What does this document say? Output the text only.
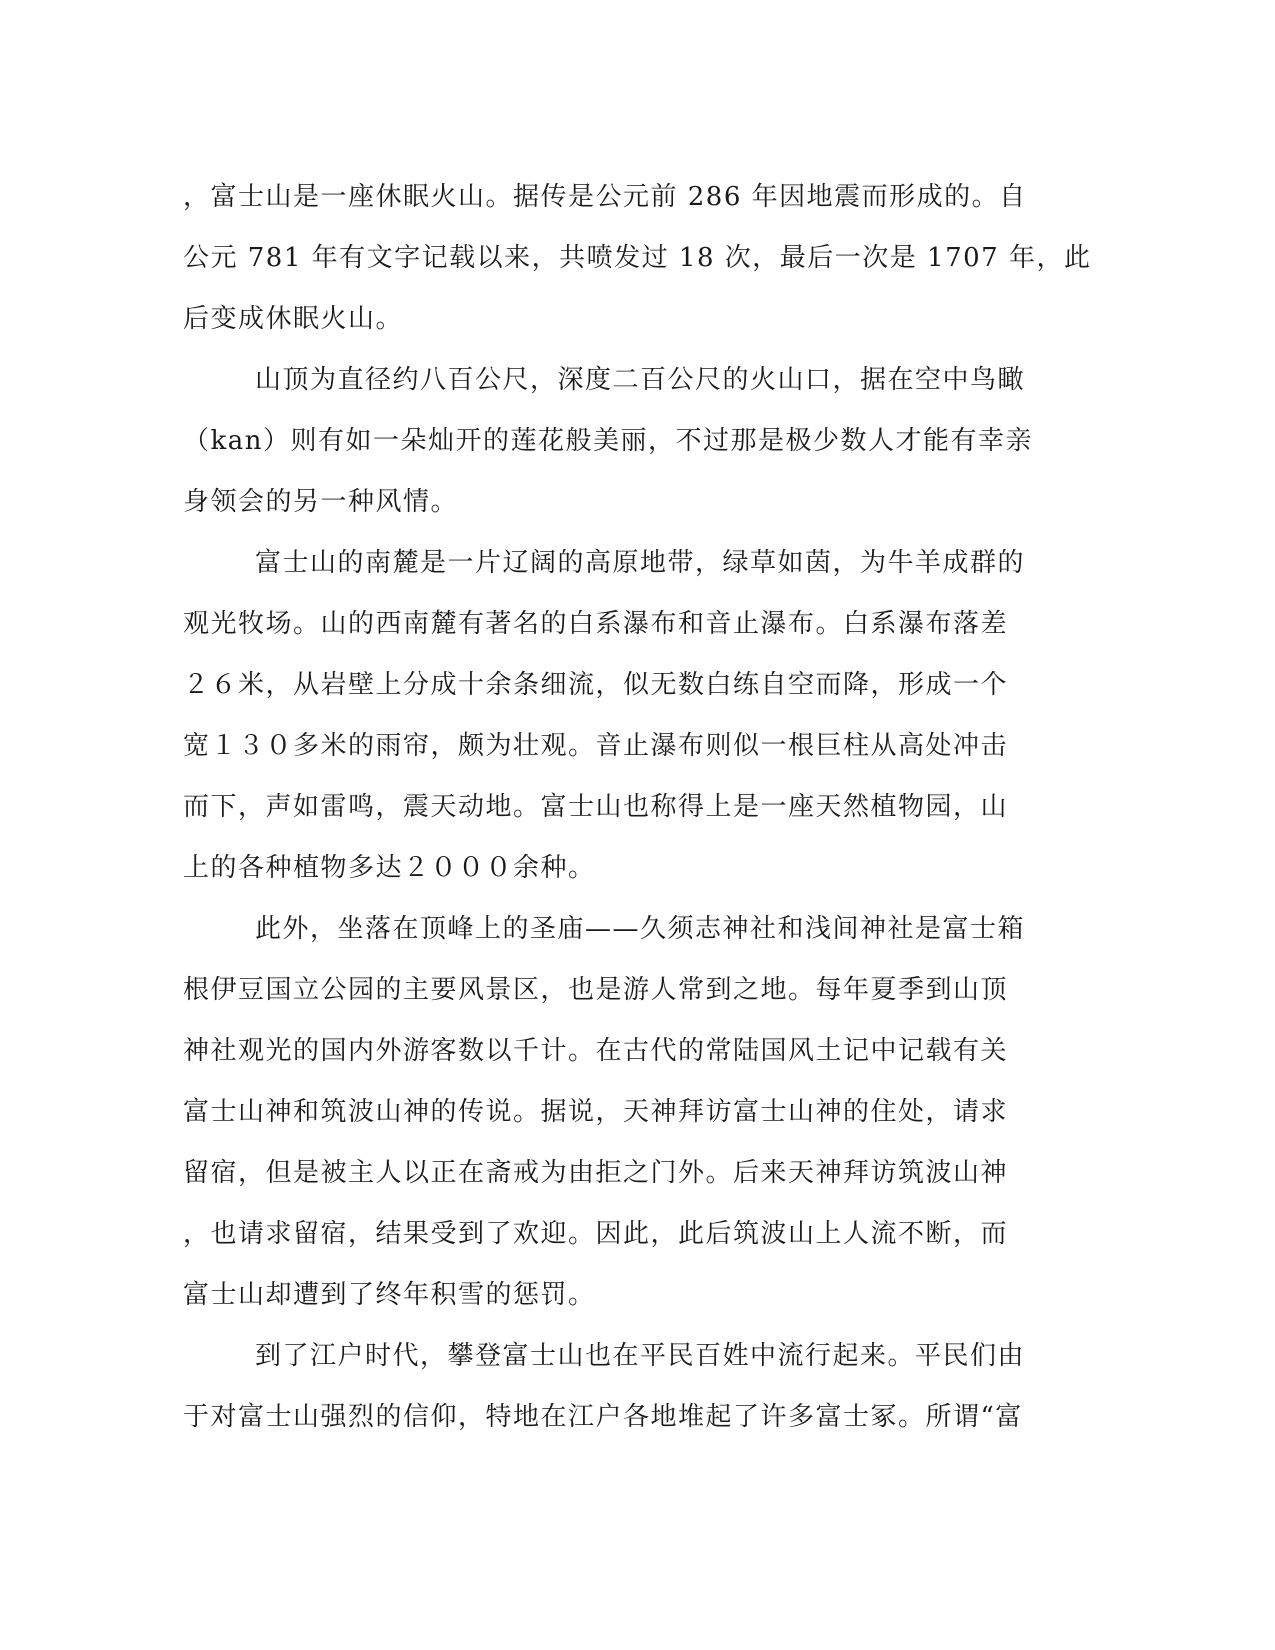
，富士山是一座休眠火山。据传是公元前 286 年因地震而形成的。自
公元 781 年有文字记载以来，共喷发过 18 次，最后一次是 1707 年，此
后变成休眠火山。
山顶为直径约八百公尺，深度二百公尺的火山口，据在空中鸟瞰
（kan）则有如一朵灿开的莲花般美丽，不过那是极少数人才能有幸亲
身领会的另一种风情。
富士山的南麓是一片辽阔的高原地带，绿草如茵，为牛羊成群的
观光牧场。山的西南麓有著名的白系瀑布和音止瀑布。白系瀑布落差
２６米，从岩壁上分成十余条细流，似无数白练自空而降，形成一个
宽１３０多米的雨帘，颇为壮观。音止瀑布则似一根巨柱从高处冲击
而下，声如雷鸣，震天动地。富士山也称得上是一座天然植物园，山
上的各种植物多达２０００余种。
此外，坐落在顶峰上的圣庙——久须志神社和浅间神社是富士箱
根伊豆国立公园的主要风景区，也是游人常到之地。每年夏季到山顶
神社观光的国内外游客数以千计。在古代的常陆国风土记中记载有关
富士山神和筑波山神的传说。据说，天神拜访富士山神的住处，请求
留宿，但是被主人以正在斋戒为由拒之门外。后来天神拜访筑波山神
，也请求留宿，结果受到了欢迎。因此，此后筑波山上人流不断，而
富士山却遭到了终年积雪的惩罚。
到了江户时代，攀登富士山也在平民百姓中流行起来。平民们由
于对富士山强烈的信仰，特地在江户各地堆起了许多富士冢。所谓“富
